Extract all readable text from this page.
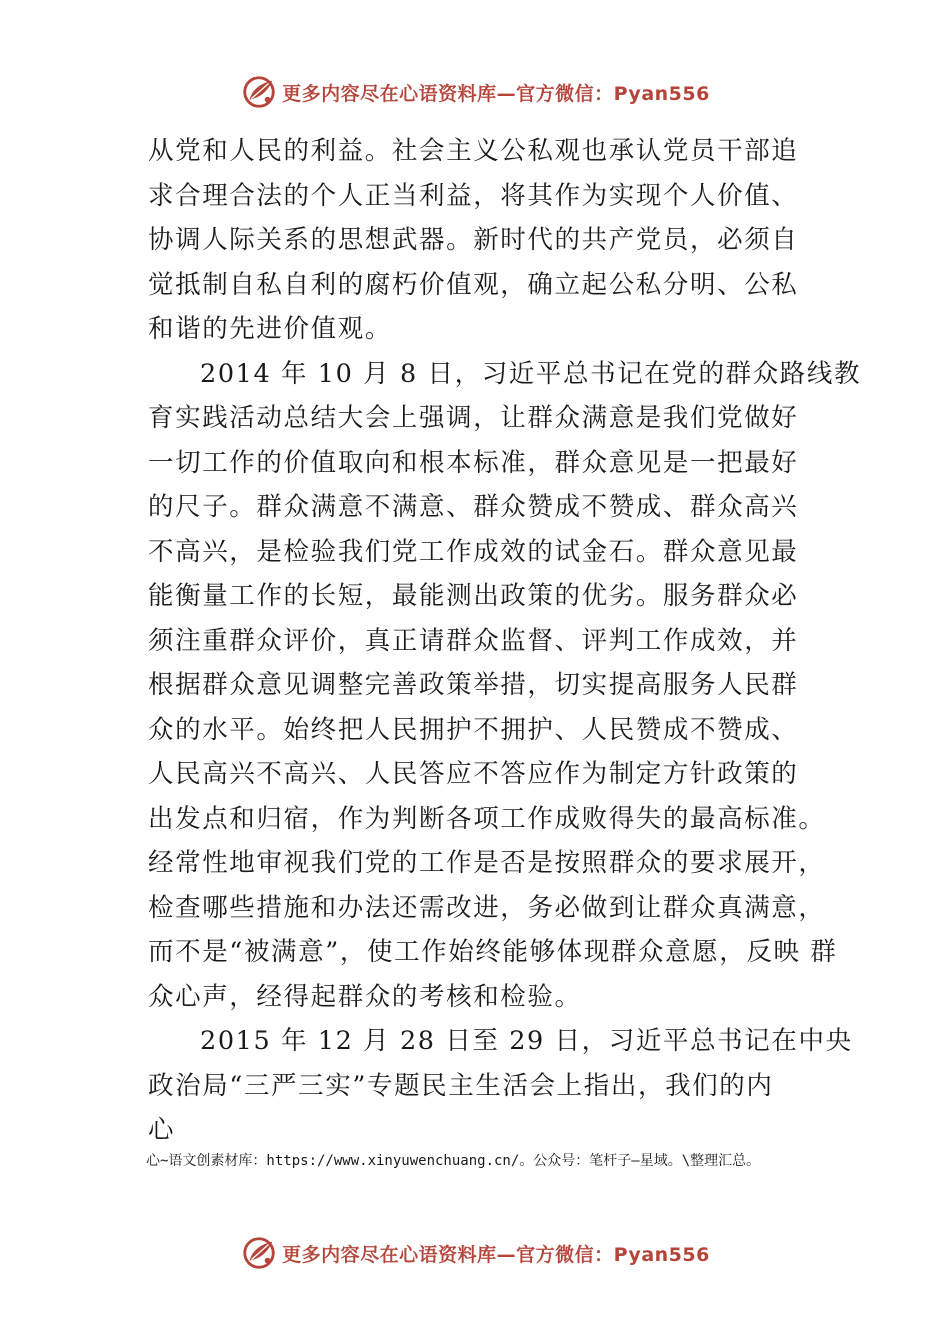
更多内容尽在心语资料库—官方微信：Pyan556
从党和人民的利益。社会主义公私观也承认党员干部追
求合理合法的个人正当利益，将其作为实现个人价值、
协调人际关系的思想武器。新时代的共产党员，必须自
觉抵制自私自利的腐朽价值观，确立起公私分明、公私
和谐的先进价值观。
2014 年 10 月 8 日，习近平总书记在党的群众路线教
育实践活动总结大会上强调，让群众满意是我们党做好
一切工作的价值取向和根本标准，群众意见是一把最好
的尺子。群众满意不满意、群众赞成不赞成、群众高兴
不高兴，是检验我们党工作成效的试金石。群众意见最
能衡量工作的长短，最能测出政策的优劣。服务群众必
须注重群众评价，真正请群众监督、评判工作成效，并
根据群众意见调整完善政策举措，切实提高服务人民群
众的水平。始终把人民拥护不拥护、人民赞成不赞成、
人民高兴不高兴、人民答应不答应作为制定方针政策的
出发点和归宿，作为判断各项工作成败得失的最高标准。
经常性地审视我们党的工作是否是按照群众的要求展开，
检查哪些措施和办法还需改进，务必做到让群众真满意，
而不是“被满意”，使工作始终能够体现群众意愿，反映 群
众心声，经得起群众的考核和检验。
2015 年 12 月 28 日至 29 日，习近平总书记在中央
政治局“三严三实”专题民主生活会上指出，我们的内
心
心~语文创素材库：https://www.xinyuwenchuang.cn/。公众号：笔杆子—星域。\整理汇总。
更多内容尽在心语资料库—官方微信：Pyan556
